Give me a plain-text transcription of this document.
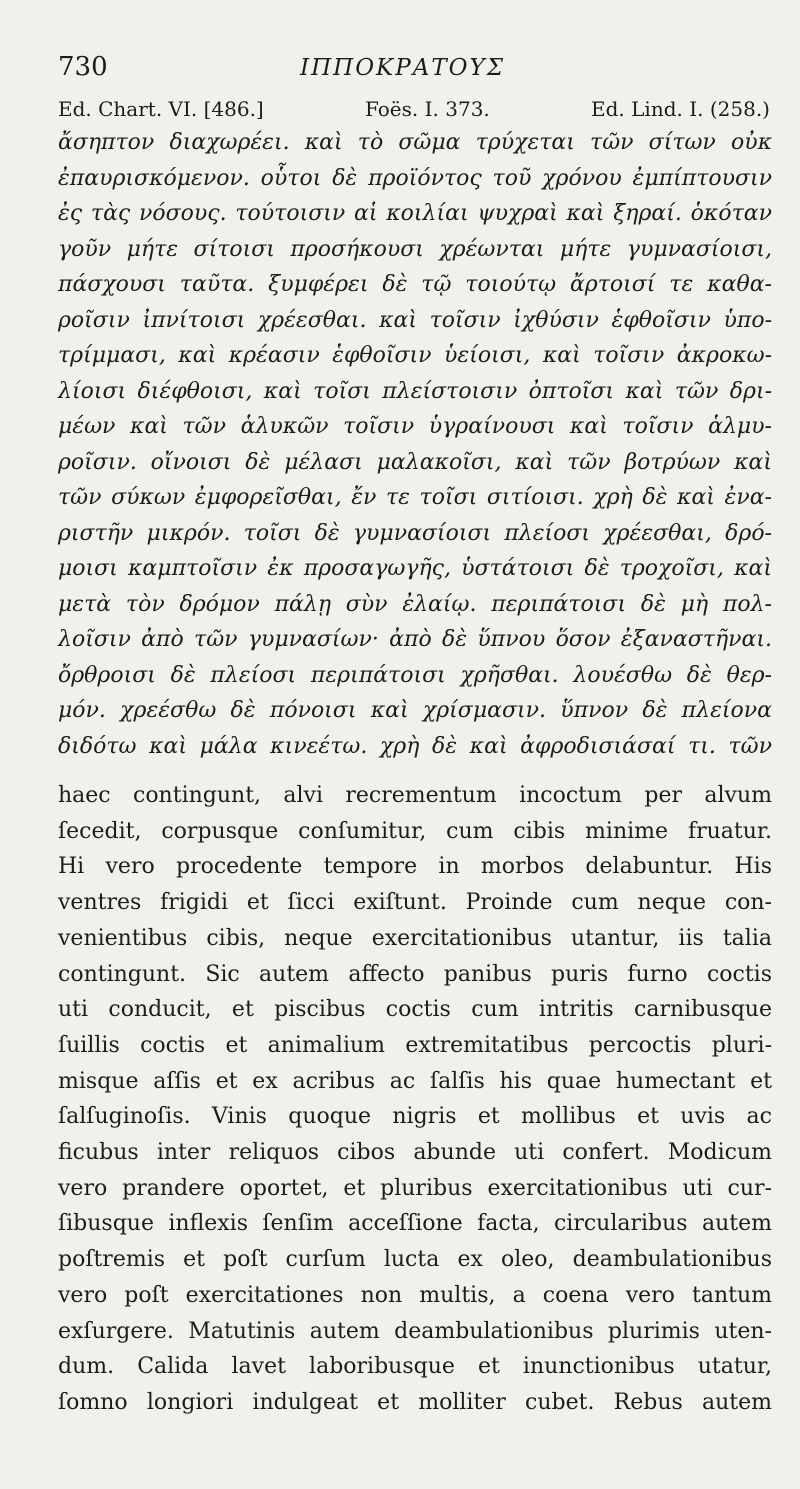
730	ΙΠΠΟΚΡΑΤΟΥΣ
Ed. Chart. VI. [486.]	Foës. I. 373.	Ed. Lind. I. (258.)
ἄσηπτον διαχωρέει. καὶ τὸ σῶμα τρύχεται τῶν σίτων οὐκ
ἐπαυρισκόμενον. οὗτοι δὲ προϊόντος τοῦ χρόνου ἐμπίπτουσιν
ἐς τὰς νόσους. τούτοισιν αἱ κοιλίαι ψυχραὶ καὶ ξηραί. ὁκόταν
γοῦν μήτε σίτοισι προσήκουσι χρέωνται μήτε γυμνασίοισι,
πάσχουσι ταῦτα. ξυμφέρει δὲ τῷ τοιούτῳ ἄρτοισί τε καθα-
ροῖσιν ἰπνίτοισι χρέεσθαι. καὶ τοῖσιν ἰχθύσιν ἑφθοῖσιν ὑπο-
τρίμμασι, καὶ κρέασιν ἑφθοῖσιν ὑείοισι, καὶ τοῖσιν ἀκροκω-
λίοισι διέφθοισι, καὶ τοῖσι πλείστοισιν ὀπτοῖσι καὶ τῶν δρι-
μέων καὶ τῶν ἁλυκῶν τοῖσιν ὑγραίνουσι καὶ τοῖσιν ἁλμυ-
ροῖσιν. οἴνοισι δὲ μέλασι μαλακοῖσι, καὶ τῶν βοτρύων καὶ
τῶν σύκων ἐμφορεῖσθαι, ἔν τε τοῖσι σιτίοισι. χρὴ δὲ καὶ ἐνα-
ριστῆν μικρόν. τοῖσι δὲ γυμνασίοισι πλείοσι χρέεσθαι, δρό-
μοισι καμπτοῖσιν ἐκ προσαγωγῆς, ὑστάτοισι δὲ τροχοῖσι, καὶ
μετὰ τὸν δρόμον πάλῃ σὺν ἐλαίῳ. περιπάτοισι δὲ μὴ πολ-
λοῖσιν ἀπὸ τῶν γυμνασίων· ἀπὸ δὲ ὕπνου ὅσον ἐξαναστῆναι.
ὄρθροισι δὲ πλείοσι περιπάτοισι χρῆσθαι. λουέσθω δὲ θερ-
μόν. χρεέσθω δὲ πόνοισι καὶ χρίσμασιν. ὕπνον δὲ πλείονα
διδότω καὶ μάλα κινεέτω. χρὴ δὲ καὶ ἀφροδισιάσαί τι. τῶν
haec contingunt, alvi recrementum incoctum per alvum
ſecedit, corpusque conſumitur, cum cibis minime fruatur.
Hi vero procedente tempore in morbos delabuntur. His
ventres frigidi et ſicci exiſtunt. Proinde cum neque con-
venientibus cibis, neque exercitationibus utantur, iis talia
contingunt. Sic autem affecto panibus puris furno coctis
uti conducit, et piscibus coctis cum intritis carnibusque
ſuillis coctis et animalium extremitatibus percoctis pluri-
misque aſſis et ex acribus ac ſalſis his quae humectant et
ſalſuginoſis. Vinis quoque nigris et mollibus et uvis ac
ficubus inter reliquos cibos abunde uti confert. Modicum
vero prandere oportet, et pluribus exercitationibus uti cur-
ſibusque inflexis ſenſim acceſſione facta, circularibus autem
poſtremis et poſt curſum lucta ex oleo, deambulationibus
vero poſt exercitationes non multis, a coena vero tantum
exſurgere. Matutinis autem deambulationibus plurimis uten-
dum. Calida lavet laboribusque et inunctionibus utatur,
ſomno longiori indulgeat et molliter cubet. Rebus autem
